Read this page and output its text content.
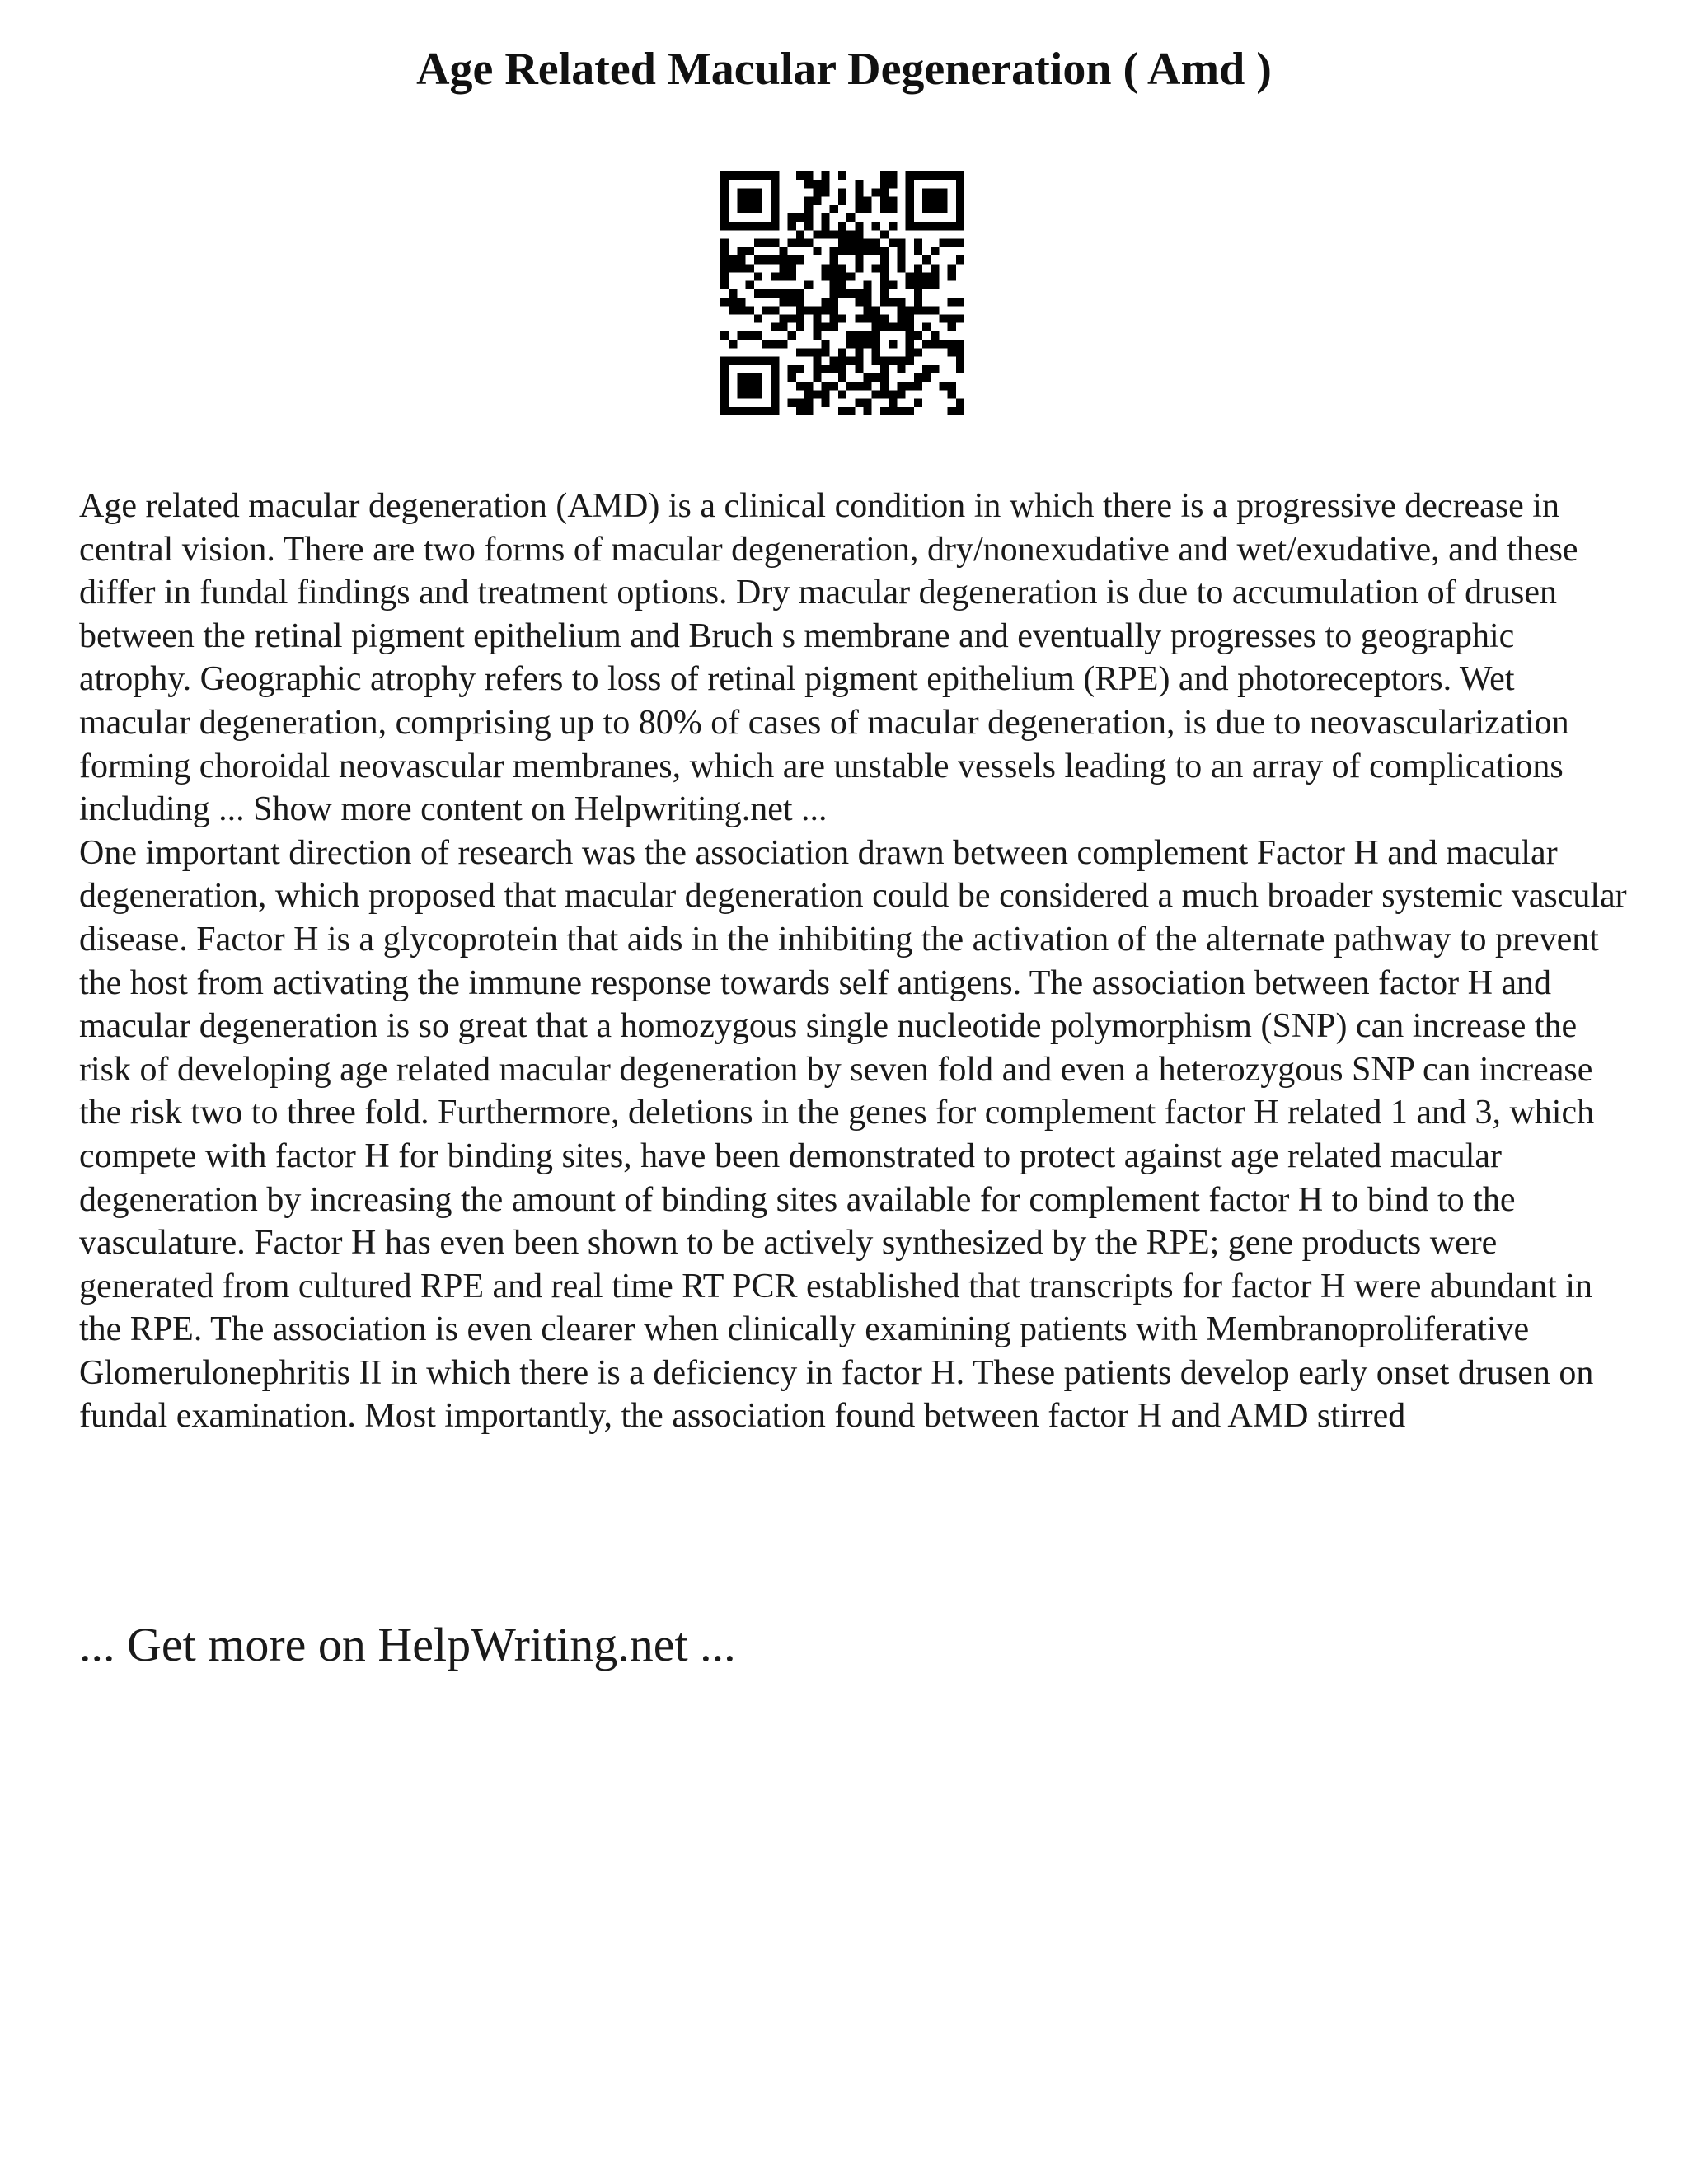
Age Related Macular Degeneration ( Amd )

Age related macular degeneration (AMD) is a clinical condition in which there is a progressive decrease in central vision. There are two forms of macular degeneration, dry/nonexudative and wet/exudative, and these differ in fundal findings and treatment options. Dry macular degeneration is due to accumulation of drusen between the retinal pigment epithelium and Bruch s membrane and eventually progresses to geographic atrophy. Geographic atrophy refers to loss of retinal pigment epithelium (RPE) and photoreceptors. Wet macular degeneration, comprising up to 80% of cases of macular degeneration, is due to neovascularization forming choroidal neovascular membranes, which are unstable vessels leading to an array of complications including ... Show more content on Helpwriting.net ...

One important direction of research was the association drawn between complement Factor H and macular degeneration, which proposed that macular degeneration could be considered a much broader systemic vascular disease. Factor H is a glycoprotein that aids in the inhibiting the activation of the alternate pathway to prevent the host from activating the immune response towards self antigens. The association between factor H and macular degeneration is so great that a homozygous single nucleotide polymorphism (SNP) can increase the risk of developing age related macular degeneration by seven fold and even a heterozygous SNP can increase the risk two to three fold. Furthermore, deletions in the genes for complement factor H related 1 and 3, which compete with factor H for binding sites, have been demonstrated to protect against age related macular degeneration by increasing the amount of binding sites available for complement factor H to bind to the vasculature. Factor H has even been shown to be actively synthesized by the RPE; gene products were generated from cultured RPE and real time RT PCR established that transcripts for factor H were abundant in the RPE. The association is even clearer when clinically examining patients with Membranoproliferative Glomerulonephritis II in which there is a deficiency in factor H. These patients develop early onset drusen on fundal examination. Most importantly, the association found between factor H and AMD stirred

... Get more on HelpWriting.net ...
